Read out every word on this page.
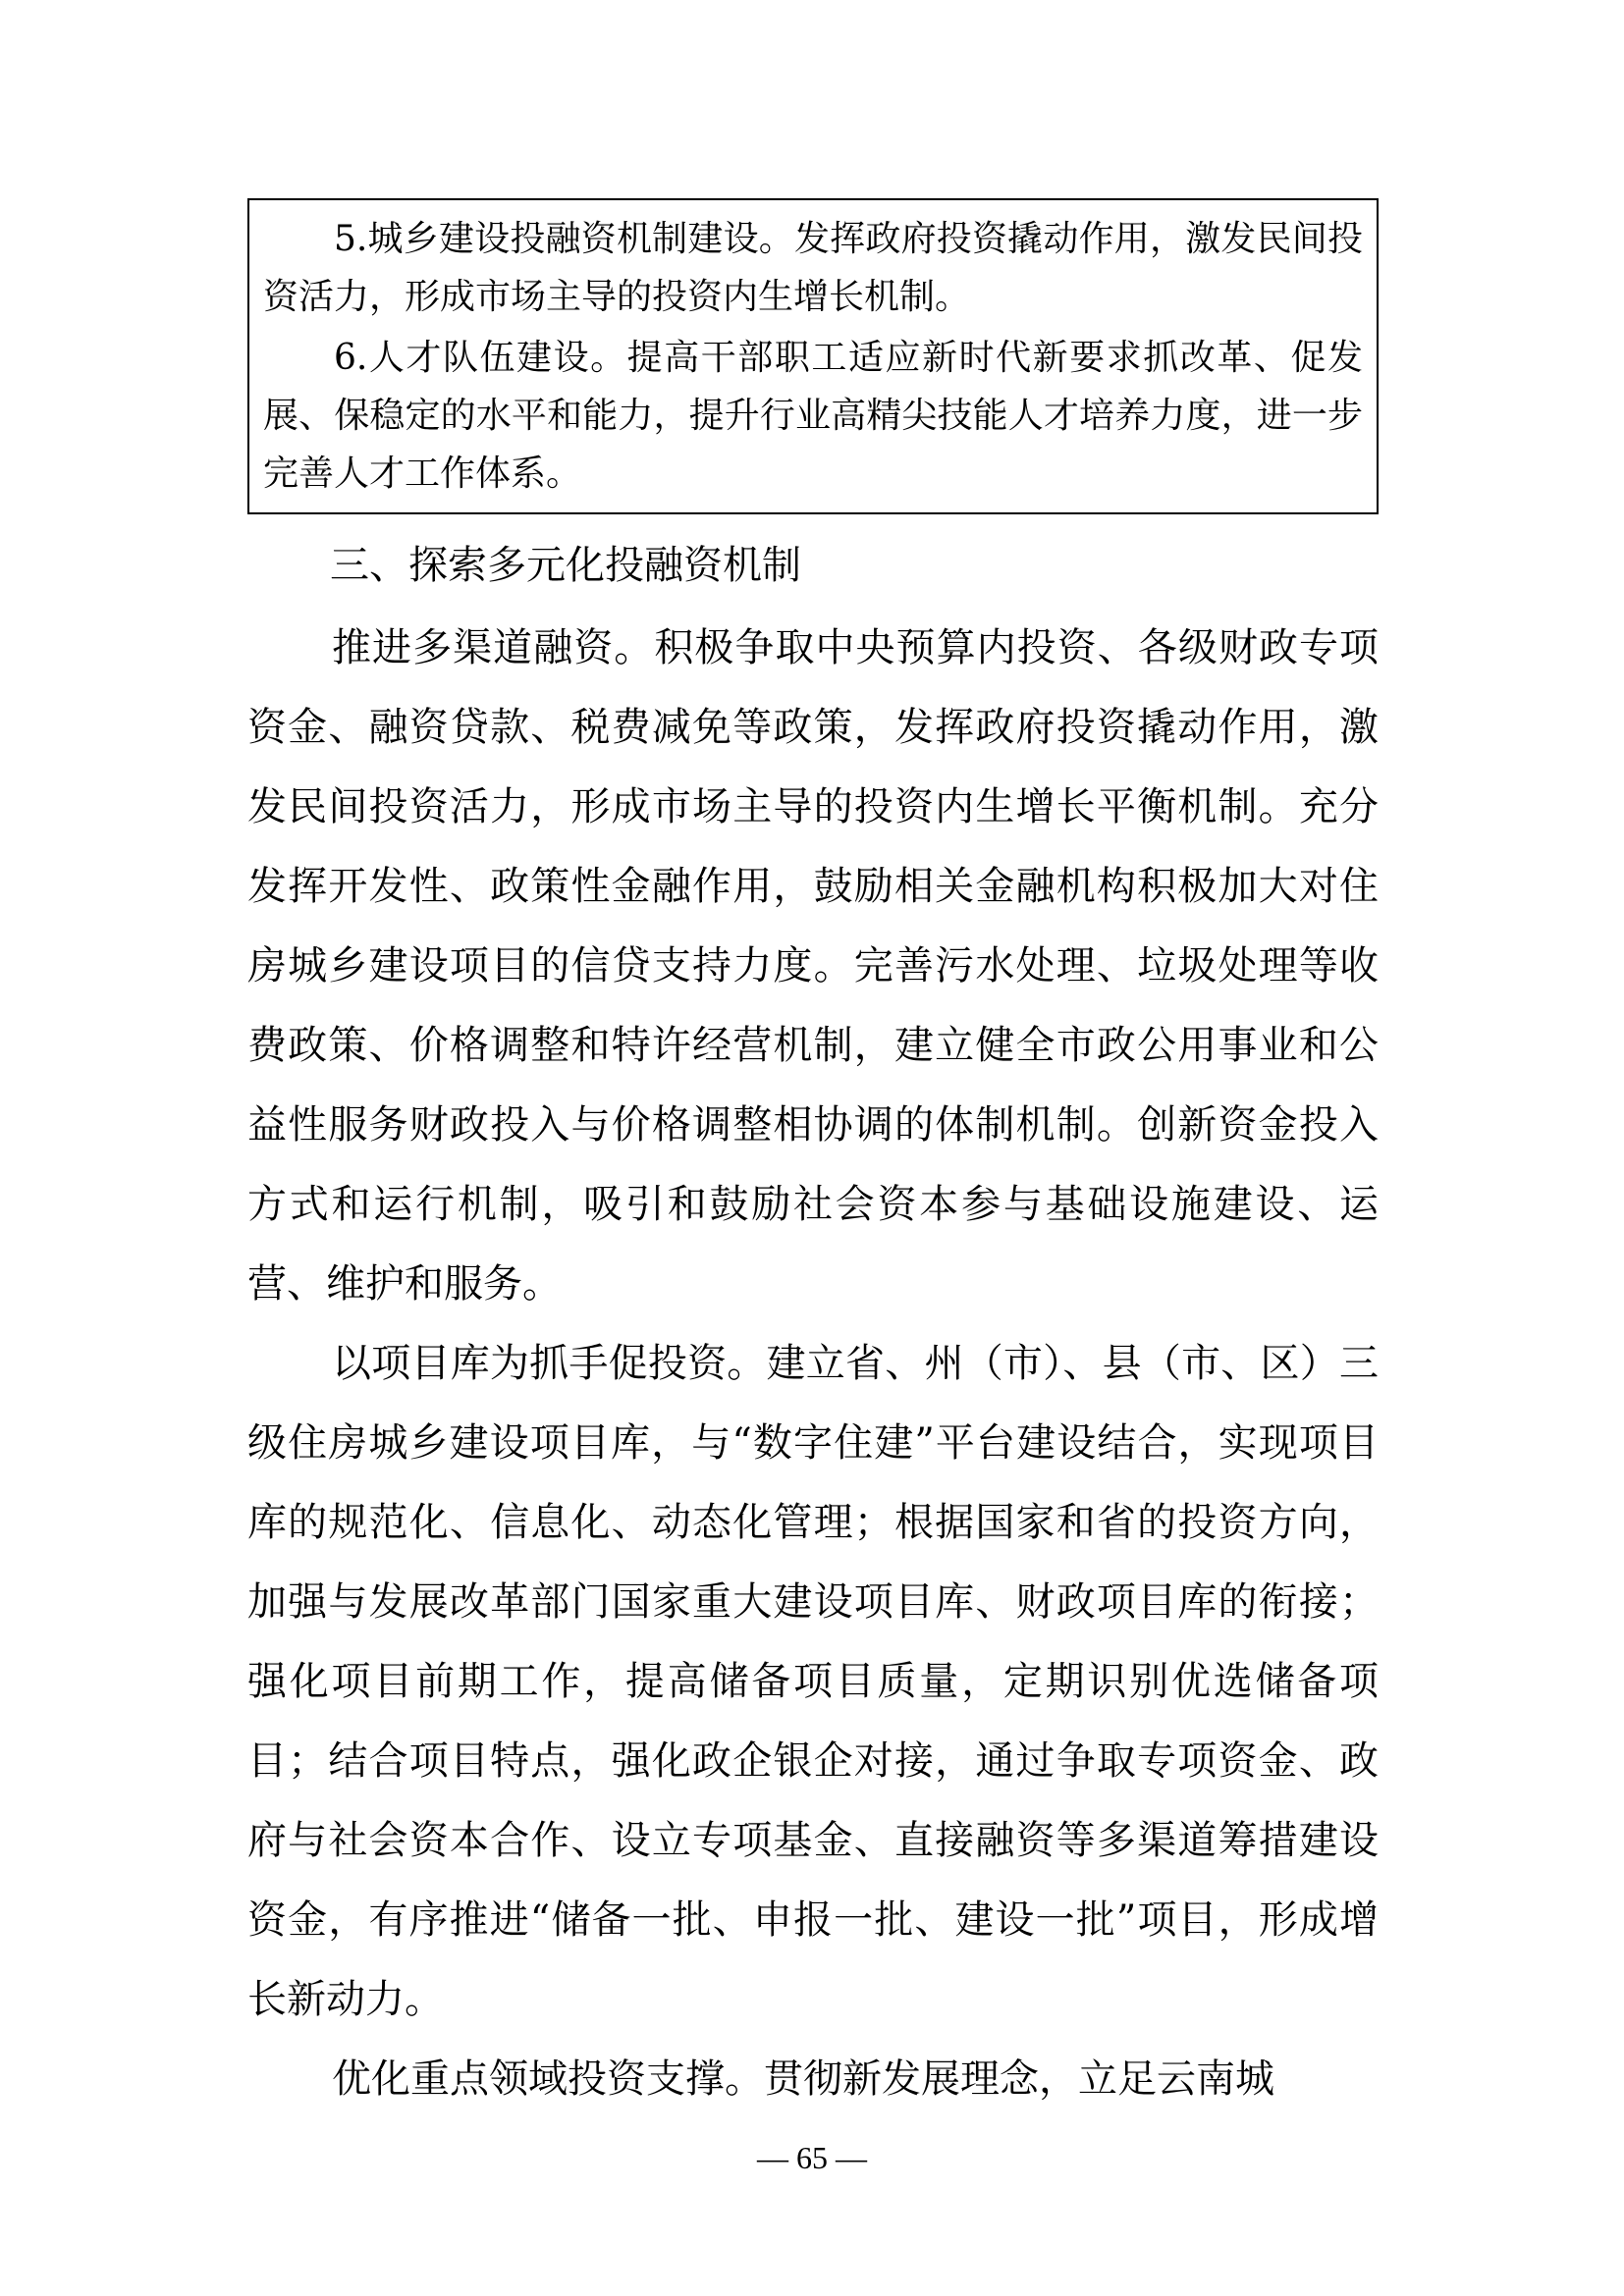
5.城乡建设投融资机制建设。发挥政府投资撬动作用，激发民间投资活力，形成市场主导的投资内生增长机制。

6.人才队伍建设。提高干部职工适应新时代新要求抓改革、促发展、保稳定的水平和能力，提升行业高精尖技能人才培养力度，进一步完善人才工作体系。

三、探索多元化投融资机制

推进多渠道融资。积极争取中央预算内投资、各级财政专项资金、融资贷款、税费减免等政策，发挥政府投资撬动作用，激发民间投资活力，形成市场主导的投资内生增长平衡机制。充分发挥开发性、政策性金融作用，鼓励相关金融机构积极加大对住房城乡建设项目的信贷支持力度。完善污水处理、垃圾处理等收费政策、价格调整和特许经营机制，建立健全市政公用事业和公益性服务财政投入与价格调整相协调的体制机制。创新资金投入方式和运行机制，吸引和鼓励社会资本参与基础设施建设、运营、维护和服务。

以项目库为抓手促投资。建立省、州（市）、县（市、区）三级住房城乡建设项目库，与“数字住建”平台建设结合，实现项目库的规范化、信息化、动态化管理；根据国家和省的投资方向，加强与发展改革部门国家重大建设项目库、财政项目库的衔接；强化项目前期工作，提高储备项目质量，定期识别优选储备项目；结合项目特点，强化政企银企对接，通过争取专项资金、政府与社会资本合作、设立专项基金、直接融资等多渠道筹措建设资金，有序推进“储备一批、申报一批、建设一批”项目，形成增长新动力。

优化重点领域投资支撑。贯彻新发展理念，立足云南城

— 65 —
